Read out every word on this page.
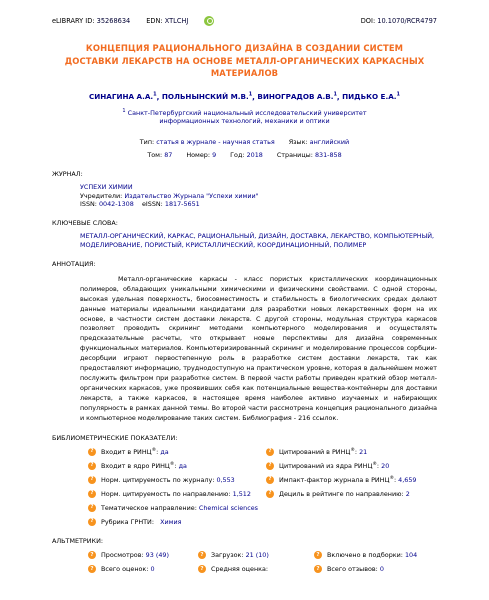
eLIBRARY ID: 35268634 EDN: XTLCHJ	DOI: 10.1070/RCR4797
КОНЦЕПЦИЯ РАЦИОНАЛЬНОГО ДИЗАЙНА В СОЗДАНИИ СИСТЕМ
ДОСТАВКИ ЛЕКАРСТВ НА ОСНОВЕ МЕТАЛЛ-ОРГАНИЧЕСКИХ КАРКАСНЫХ
МАТЕРИАЛОВ
СИНАГИНА А.А.$^1$, ПОЛЬНЫНСКИЙ М.В.$^1$, ВИНОГРАДОВ А.В.$^1$, ПИДЬКО Е.А.$^1$
$^1$ Санкт-Петербургский национальный исследовательский университет информационных технологий, механики и оптики
Тип: статья в журнале - научная статья Язык: английский
Том: 87 Номер: 9 Год: 2018 Страницы: 831-858
ЖУРНАЛ:
УСПЕХИ ХИМИИ
Учредители: Издательство Журнала "Успехи химии"
ISSN: 0042-1308 eISSN: 1817-5651
КЛЮЧЕВЫЕ СЛОВА:
МЕТАЛЛ-ОРГАНИЧЕСКИЙ, КАРКАС, РАЦИОНАЛЬНЫЙ, ДИЗАЙН, ДОСТАВКА, ЛЕКАРСТВО, КОМПЬЮТЕРНЫЙ, МОДЕЛИРОВАНИЕ, ПОРИСТЫЙ, КРИСТАЛЛИЧЕСКИЙ, КООРДИНАЦИОННЫЙ, ПОЛИМЕР
АННОТАЦИЯ:
Металл-органические каркасы - класс пористых кристаллических координационных полимеров, обладающих уникальными химическими и физическими свойствами. С одной стороны, высокая удельная поверхность, биосовместимость и стабильность в биологических средах делают данные материалы идеальными кандидатами для разработки новых лекарственных форм на их основе, в частности систем доставки лекарств. С другой стороны, модульная структура каркасов позволяет проводить скрининг методами компьютерного моделирования и осуществлять предсказательные расчеты, что открывает новые перспективы для дизайна современных функциональных материалов. Компьютеризированный скрининг и моделирование процессов сорбции-десорбции играют первостепенную роль в разработке систем доставки лекарств, так как предоставляют информацию, труднодоступную на практическом уровне, которая в дальнейшем может послужить фильтром при разработке систем. В первой части работы приведен краткий обзор металл-органических каркасов, уже проявивших себя как потенциальные вещества-контейнеры для доставки лекарств, а также каркасов, в настоящее время наиболее активно изучаемых и набирающих популярность в рамках данной темы. Во второй части рассмотрена концепция рационального дизайна и компьютерное моделирование таких систем. Библиография - 216 ссылок.
БИБЛИОМЕТРИЧЕСКИЕ ПОКАЗАТЕЛИ:
?	Входит в РИНЦ®: да	?	Цитирований в РИНЦ®: 21
?	Входит в ядро РИНЦ®: да	?	Цитирований из ядра РИНЦ®: 20
?	Норм. цитируемость по журналу: 0,553	?	Импакт-фактор журнала в РИНЦ®: 4,659
?	Норм. цитируемость по направлению: 1,512	?	Дециль в рейтинге по направлению: 2
?	Тематическое направление: Chemical sciences
?	Рубрика ГРНТИ: Химия
АЛЬТМЕТРИКИ:
?	Просмотров: 93 (49)	?	Загрузок: 21 (10)	?	Включено в подборки: 104
?	Всего оценок: 0	?	Средняя оценка:	?	Всего отзывов: 0
